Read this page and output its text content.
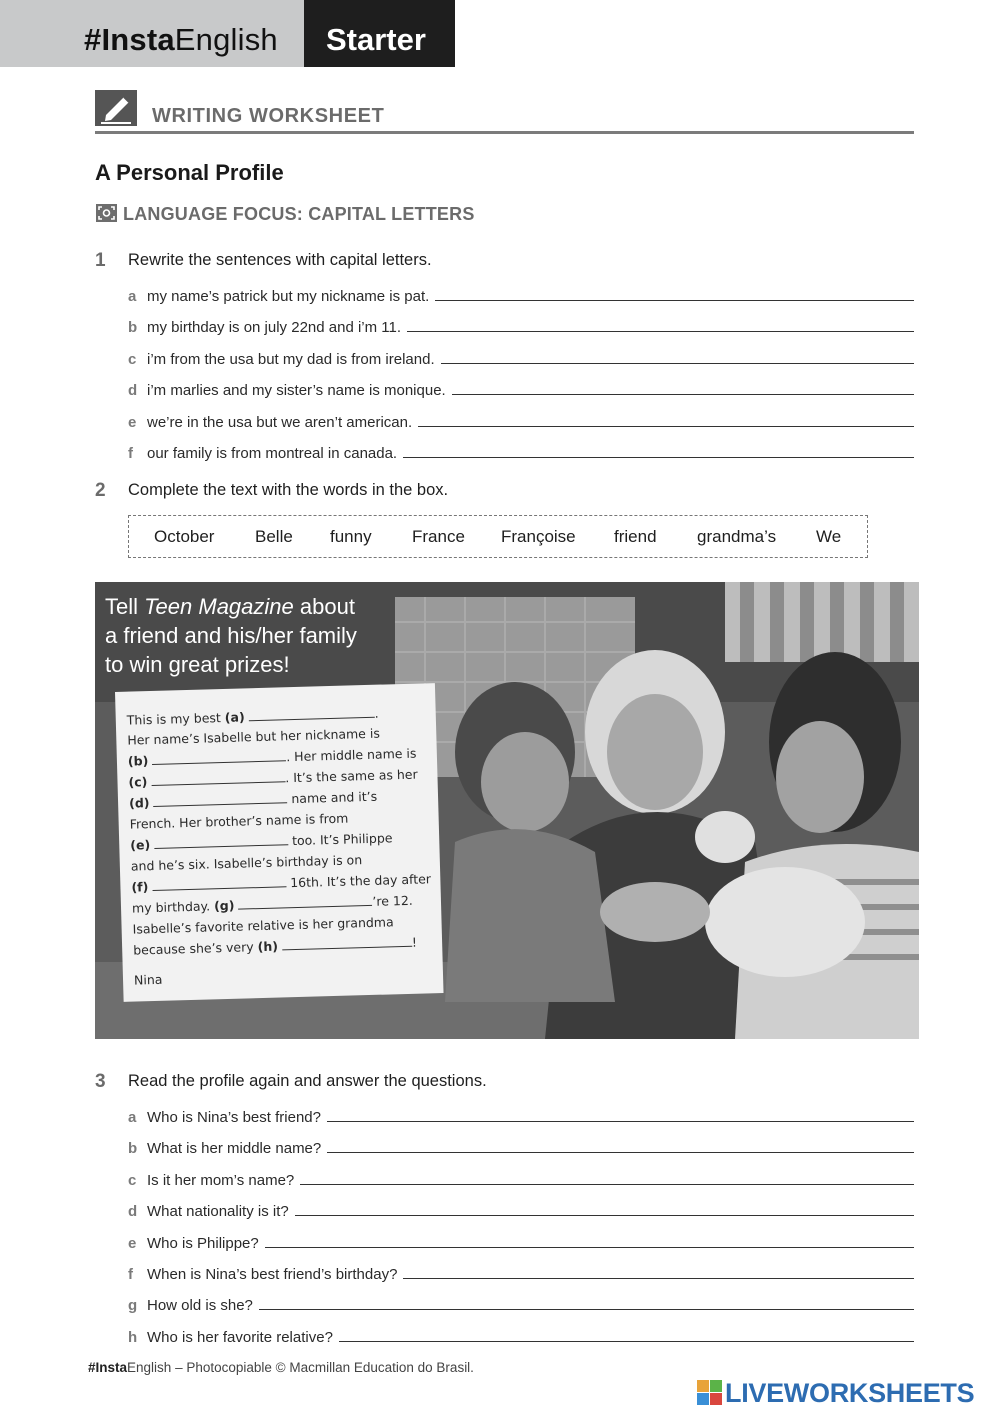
#InstaEnglish Starter
WRITING WORKSHEET
A Personal Profile
LANGUAGE FOCUS: CAPITAL LETTERS
1 Rewrite the sentences with capital letters.
a my name’s patrick but my nickname is pat.
b my birthday is on july 22nd and i’m 11.
c i’m from the usa but my dad is from ireland.
d i’m marlies and my sister’s name is monique.
e we’re in the usa but we aren’t american.
f our family is from montreal in canada.
2 Complete the text with the words in the box.
October Belle funny France Françoise friend grandma’s We
Tell Teen Magazine about
a friend and his/her family
to win great prizes!
This is my best (a)	.
Her name’s Isabelle but her nickname is
(b)	. Her middle name is
(c)	. It’s the same as her
(d)	name and it’s
French. Her brother’s name is from
(e)	too. It’s Philippe
and he’s six. Isabelle’s birthday is on
(f)	16th. It’s the day after
my birthday. (g)	’re 12.
Isabelle’s favorite relative is her grandma
because she’s very (h)	!
Nina
3 Read the profile again and answer the questions.
a Who is Nina’s best friend?
b What is her middle name?
c Is it her mom’s name?
d What nationality is it?
e Who is Philippe?
f When is Nina’s best friend’s birthday?
g How old is she?
h Who is her favorite relative?
#InstaEnglish – Photocopiable © Macmillan Education do Brasil.
LIVEWORKSHEETS
